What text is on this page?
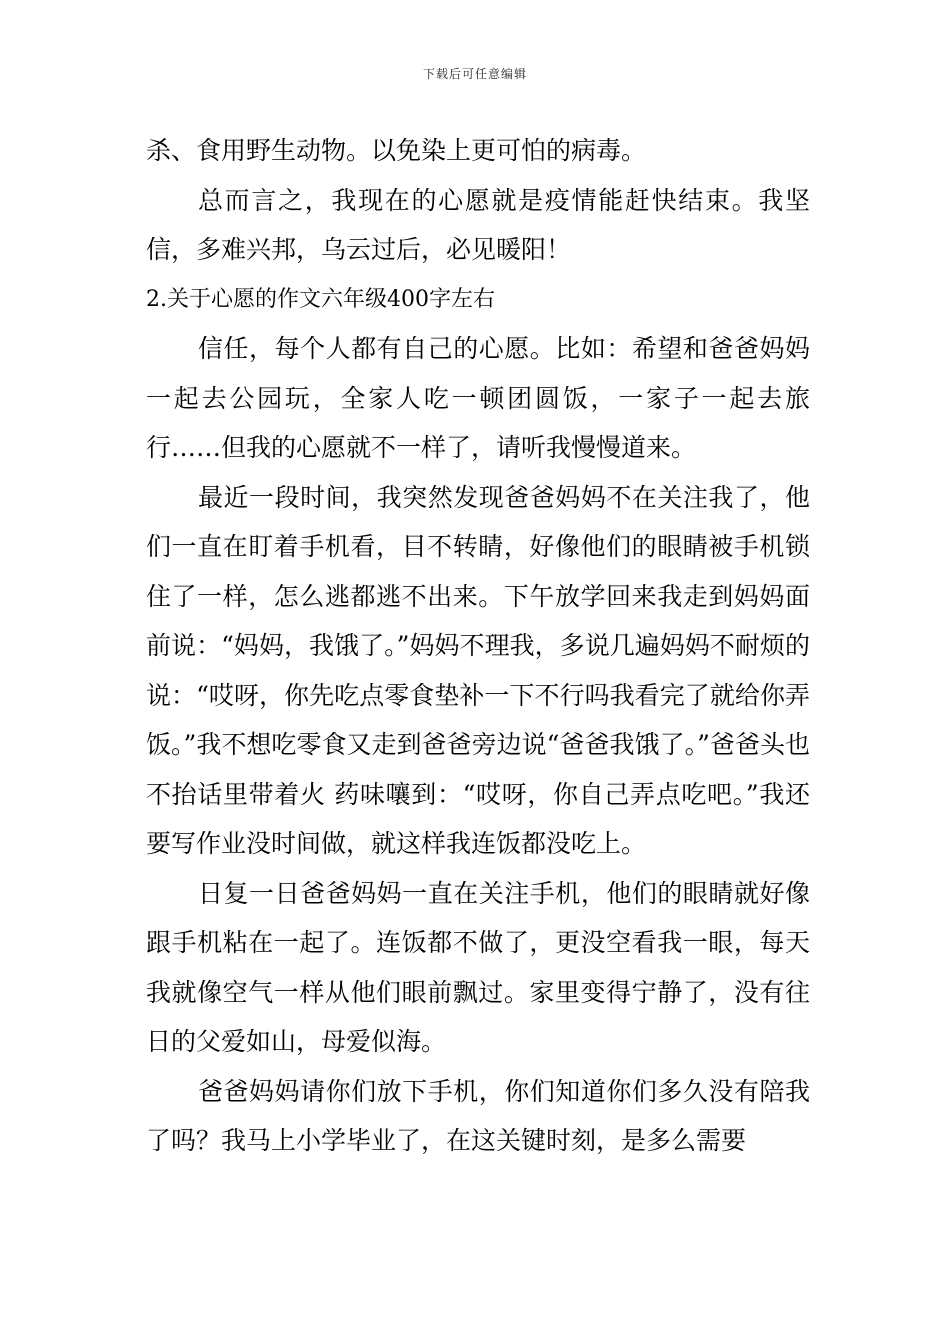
下载后可任意编辑

杀、食用野生动物。以免染上更可怕的病毒。

总而言之，我现在的心愿就是疫情能赶快结束。我坚信，多难兴邦，乌云过后，必见暖阳！

2.关于心愿的作文六年级400字左右

信任，每个人都有自己的心愿。比如：希望和爸爸妈妈一起去公园玩，全家人吃一顿团圆饭，一家子一起去旅行……但我的心愿就不一样了，请听我慢慢道来。

最近一段时间，我突然发现爸爸妈妈不在关注我了，他们一直在盯着手机看，目不转睛，好像他们的眼睛被手机锁住了一样，怎么逃都逃不出来。下午放学回来我走到妈妈面前说：“妈妈，我饿了。”妈妈不理我，多说几遍妈妈不耐烦的说：“哎呀，你先吃点零食垫补一下不行吗我看完了就给你弄饭。”我不想吃零食又走到爸爸旁边说“爸爸我饿了。”爸爸头也不抬话里带着火 药味嚷到：“哎呀，你自己弄点吃吧。”我还要写作业没时间做，就这样我连饭都没吃上。

日复一日爸爸妈妈一直在关注手机，他们的眼睛就好像跟手机粘在一起了。连饭都不做了，更没空看我一眼，每天我就像空气一样从他们眼前飘过。家里变得宁静了，没有往日的父爱如山，母爱似海。

爸爸妈妈请你们放下手机，你们知道你们多久没有陪我了吗？我马上小学毕业了，在这关键时刻，是多么需要
